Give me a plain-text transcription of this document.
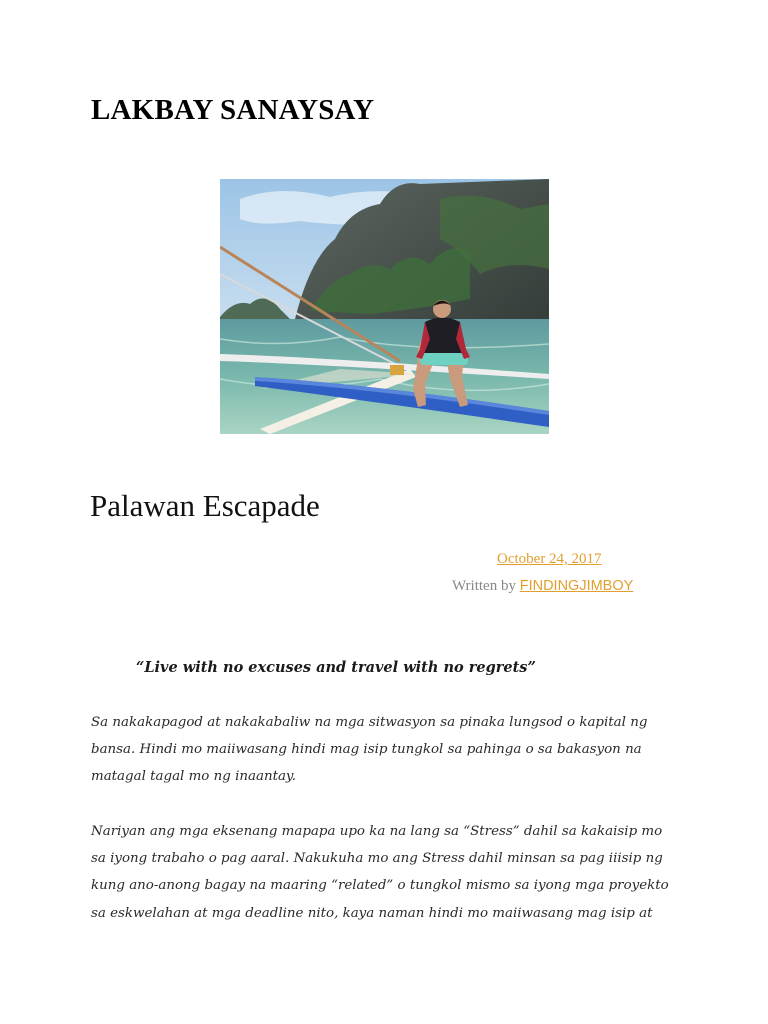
LAKBAY SANAYSAY
Palawan Escapade
October 24, 2017
Written by FINDINGJIMBOY
“Live with no excuses and travel with no regrets”

Sa nakakapagod at nakakabaliw na mga sitwasyon sa pinaka lungsod o kapital ng
bansa. Hindi mo maiiwasang hindi mag isip tungkol sa pahinga o sa bakasyon na
matagal tagal mo ng inaantay.

Nariyan ang mga eksenang mapapa upo ka na lang sa “Stress” dahil sa kakaisip mo
sa iyong trabaho o pag aaral. Nakukuha mo ang Stress dahil minsan sa pag iiisip ng
kung ano-anong bagay na maaring “related” o tungkol mismo sa iyong mga proyekto
sa eskwelahan at mga deadline nito, kaya naman hindi mo maiiwasang mag isip at
